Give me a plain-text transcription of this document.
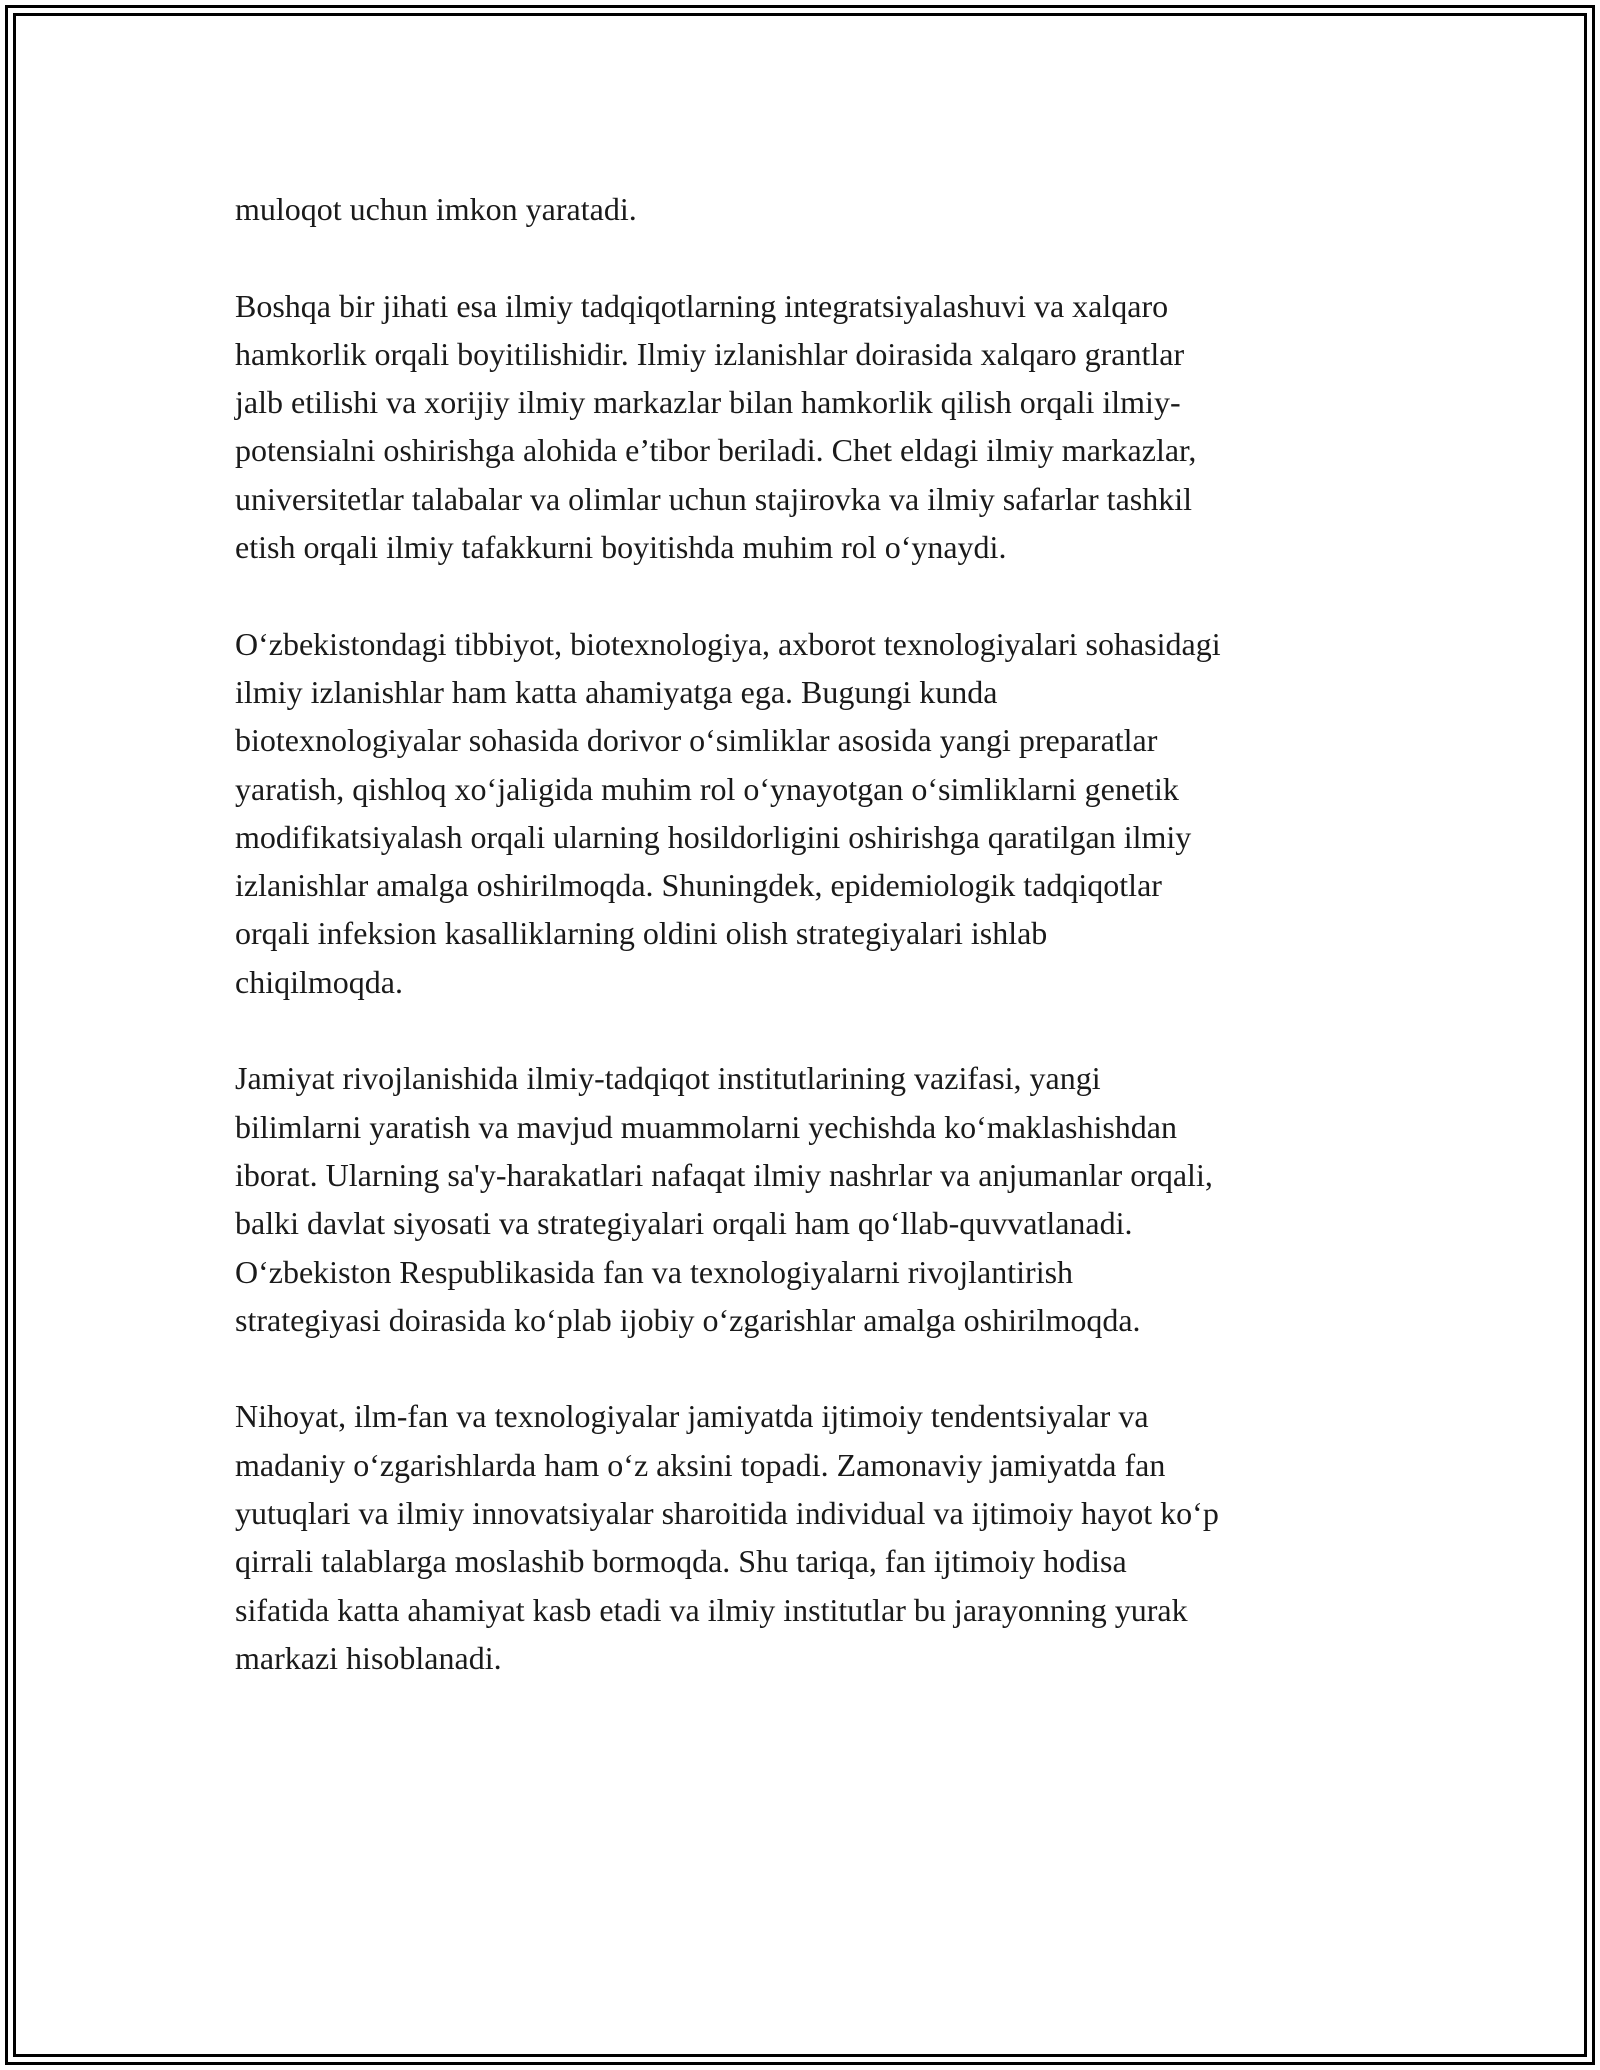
muloqot uchun imkon yaratadi.

Boshqa bir jihati esa ilmiy tadqiqotlarning integratsiyalashuvi va xalqaro
hamkorlik orqali boyitilishidir. Ilmiy izlanishlar doirasida xalqaro grantlar
jalb etilishi va xorijiy ilmiy markazlar bilan hamkorlik qilish orqali ilmiy-
potensialni oshirishga alohida e’tibor beriladi. Chet eldagi ilmiy markazlar,
universitetlar talabalar va olimlar uchun stajirovka va ilmiy safarlar tashkil
etish orqali ilmiy tafakkurni boyitishda muhim rol o‘ynaydi.

O‘zbekistondagi tibbiyot, biotexnologiya, axborot texnologiyalari sohasidagi
ilmiy izlanishlar ham katta ahamiyatga ega. Bugungi kunda
biotexnologiyalar sohasida dorivor o‘simliklar asosida yangi preparatlar
yaratish, qishloq xo‘jaligida muhim rol o‘ynayotgan o‘simliklarni genetik
modifikatsiyalash orqali ularning hosildorligini oshirishga qaratilgan ilmiy
izlanishlar amalga oshirilmoqda. Shuningdek, epidemiologik tadqiqotlar
orqali infeksion kasalliklarning oldini olish strategiyalari ishlab
chiqilmoqda.

Jamiyat rivojlanishida ilmiy-tadqiqot institutlarining vazifasi, yangi
bilimlarni yaratish va mavjud muammolarni yechishda ko‘maklashishdan
iborat. Ularning sa'y-harakatlari nafaqat ilmiy nashrlar va anjumanlar orqali,
balki davlat siyosati va strategiyalari orqali ham qo‘llab-quvvatlanadi.
O‘zbekiston Respublikasida fan va texnologiyalarni rivojlantirish
strategiyasi doirasida ko‘plab ijobiy o‘zgarishlar amalga oshirilmoqda.

Nihoyat, ilm-fan va texnologiyalar jamiyatda ijtimoiy tendentsiyalar va
madaniy o‘zgarishlarda ham o‘z aksini topadi. Zamonaviy jamiyatda fan
yutuqlari va ilmiy innovatsiyalar sharoitida individual va ijtimoiy hayot ko‘p
qirrali talablarga moslashib bormoqda. Shu tariqa, fan ijtimoiy hodisa
sifatida katta ahamiyat kasb etadi va ilmiy institutlar bu jarayonning yurak
markazi hisoblanadi.
